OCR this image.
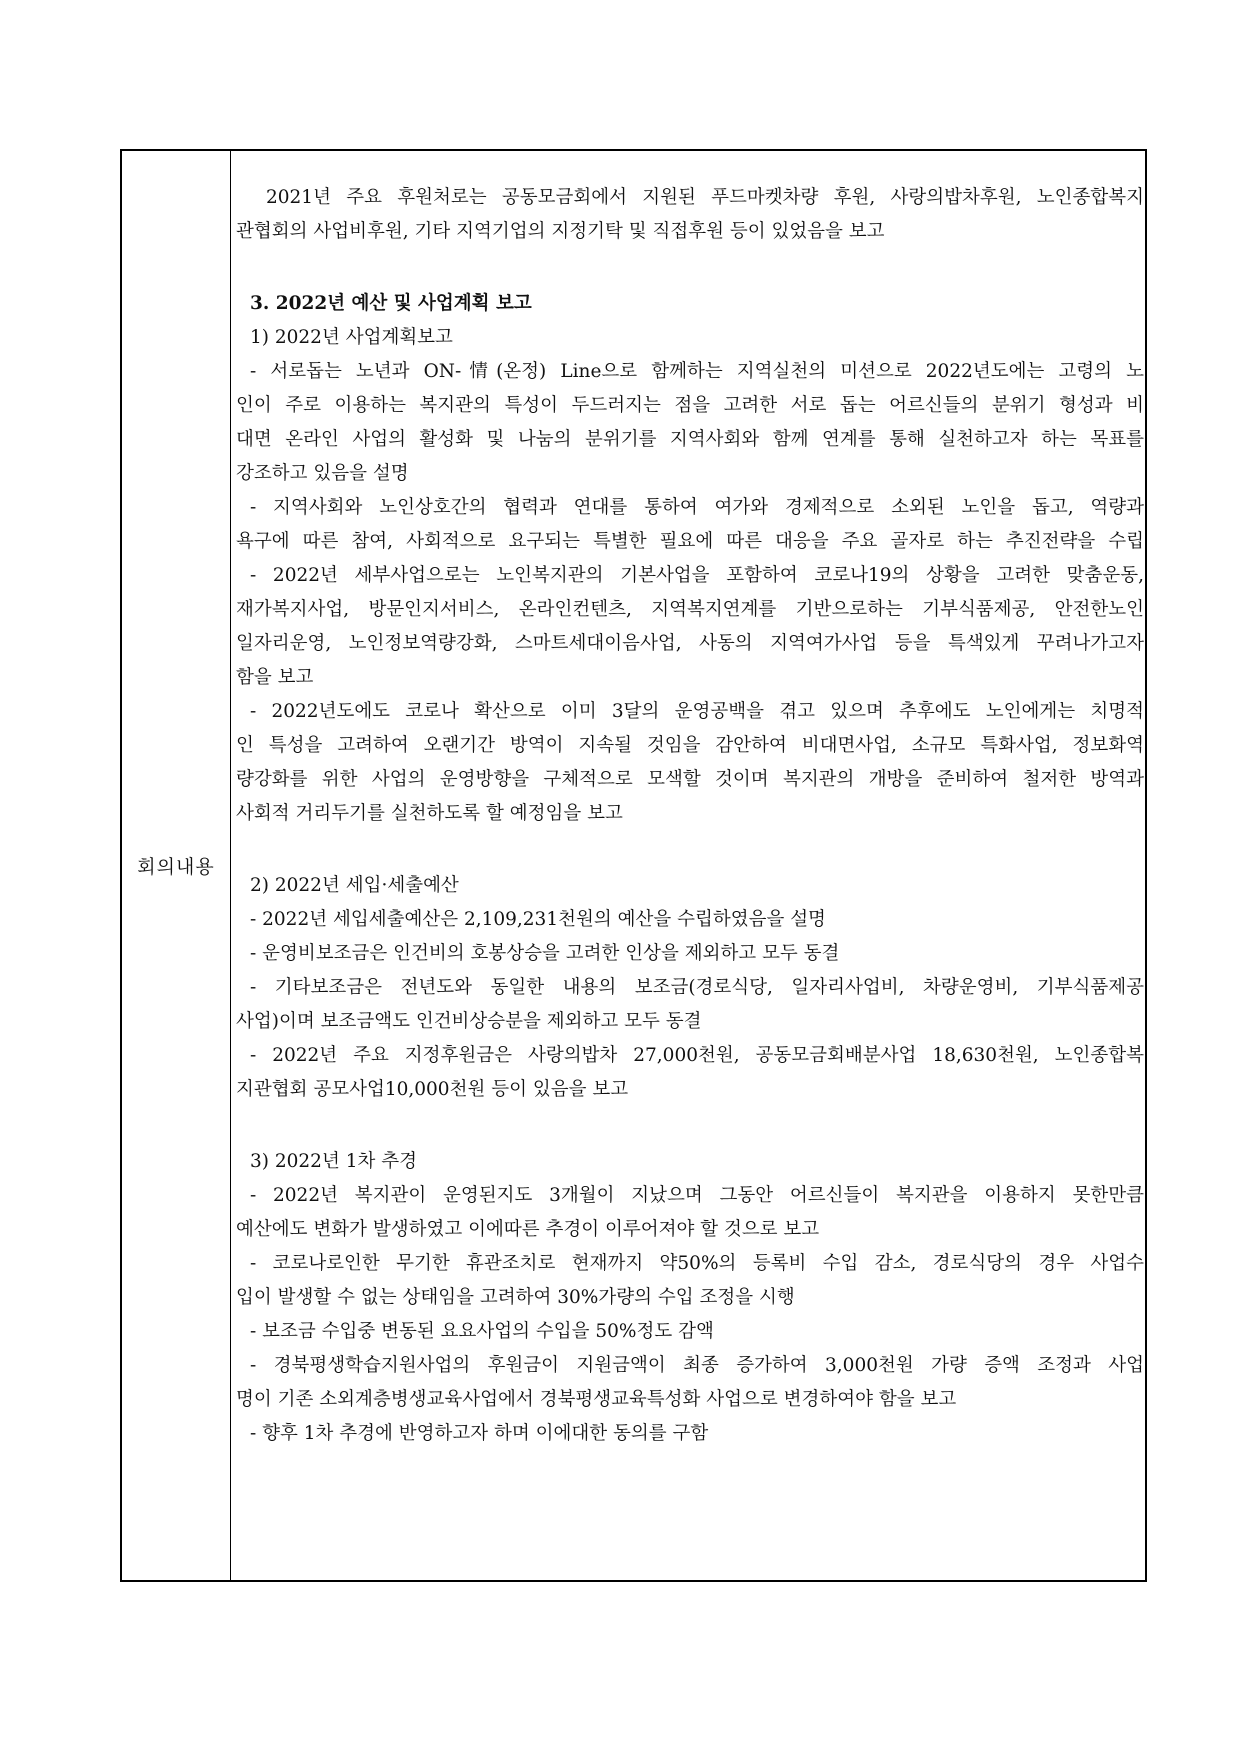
회의내용
2021년 주요 후원처로는 공동모금회에서 지원된 푸드마켓차량 후원, 사랑의밥차후원, 노인종합복지
관협회의 사업비후원, 기타 지역기업의 지정기탁 및 직접후원 등이 있었음을 보고
3. 2022년 예산 및 사업계획 보고
1) 2022년 사업계획보고
- 서로돕는 노년과 ON-情(온정) Line으로 함께하는 지역실천의 미션으로 2022년도에는 고령의 노
인이 주로 이용하는 복지관의 특성이 두드러지는 점을 고려한 서로 돕는 어르신들의 분위기 형성과 비
대면 온라인 사업의 활성화 및 나눔의 분위기를 지역사회와 함께 연계를 통해 실천하고자 하는 목표를
강조하고 있음을 설명
- 지역사회와 노인상호간의 협력과 연대를 통하여 여가와 경제적으로 소외된 노인을 돕고, 역량과
욕구에 따른 참여, 사회적으로 요구되는 특별한 필요에 따른 대응을 주요 골자로 하는 추진전략을 수립
- 2022년 세부사업으로는 노인복지관의 기본사업을 포함하여 코로나19의 상황을 고려한 맞춤운동,
재가복지사업, 방문인지서비스, 온라인컨텐츠, 지역복지연계를 기반으로하는 기부식품제공, 안전한노인
일자리운영, 노인정보역량강화, 스마트세대이음사업, 사동의 지역여가사업 등을 특색있게 꾸려나가고자
함을 보고
- 2022년도에도 코로나 확산으로 이미 3달의 운영공백을 겪고 있으며 추후에도 노인에게는 치명적
인 특성을 고려하여 오랜기간 방역이 지속될 것임을 감안하여 비대면사업, 소규모 특화사업, 정보화역
량강화를 위한 사업의 운영방향을 구체적으로 모색할 것이며 복지관의 개방을 준비하여 철저한 방역과
사회적 거리두기를 실천하도록 할 예정임을 보고
2) 2022년 세입·세출예산
- 2022년 세입세출예산은 2,109,231천원의 예산을 수립하였음을 설명
- 운영비보조금은 인건비의 호봉상승을 고려한 인상을 제외하고 모두 동결
- 기타보조금은 전년도와 동일한 내용의 보조금(경로식당, 일자리사업비, 차량운영비, 기부식품제공
사업)이며 보조금액도 인건비상승분을 제외하고 모두 동결
- 2022년 주요 지정후원금은 사랑의밥차 27,000천원, 공동모금회배분사업 18,630천원, 노인종합복
지관협회 공모사업10,000천원 등이 있음을 보고
3) 2022년 1차 추경
- 2022년 복지관이 운영된지도 3개월이 지났으며 그동안 어르신들이 복지관을 이용하지 못한만큼
예산에도 변화가 발생하였고 이에따른 추경이 이루어져야 할 것으로 보고
- 코로나로인한 무기한 휴관조치로 현재까지 약50%의 등록비 수입 감소, 경로식당의 경우 사업수
입이 발생할 수 없는 상태임을 고려하여 30%가량의 수입 조정을 시행
- 보조금 수입중 변동된 요요사업의 수입을 50%정도 감액
- 경북평생학습지원사업의 후원금이 지원금액이 최종 증가하여 3,000천원 가량 증액 조정과 사업
명이 기존 소외계층병생교육사업에서 경북평생교육특성화 사업으로 변경하여야 함을 보고
- 향후 1차 추경에 반영하고자 하며 이에대한 동의를 구함
